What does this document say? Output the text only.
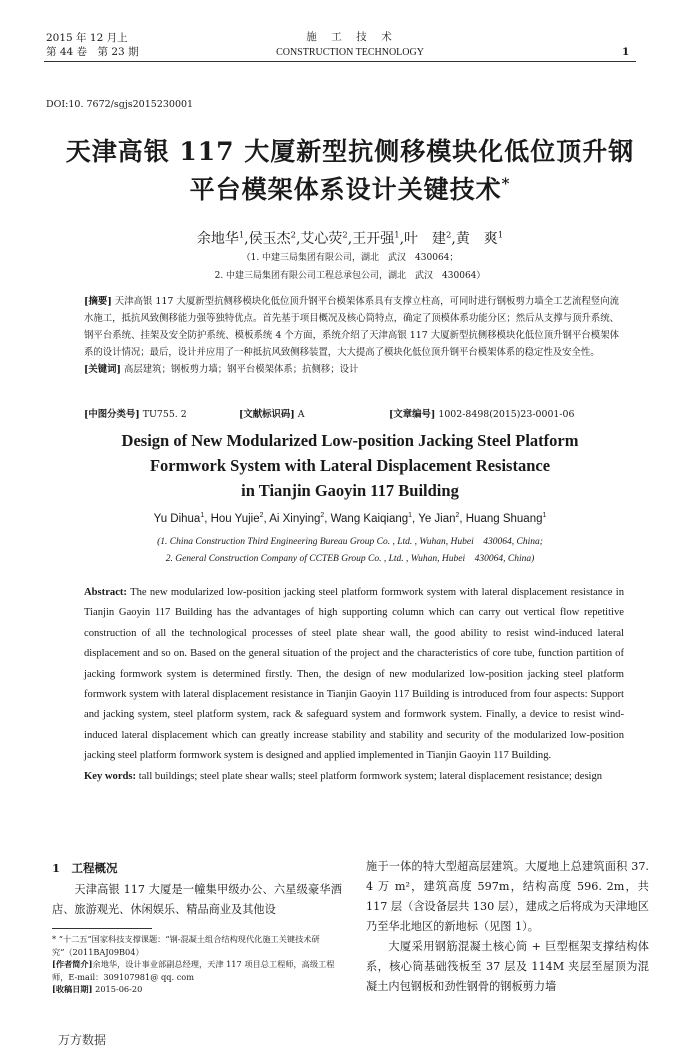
2015 年 12 月上
第 44 卷　第 23 期
施　工　技　术
CONSTRUCTION TECHNOLOGY	1
DOI:10. 7672/sgjs2015230001
天津高银 117 大厦新型抗侧移模块化低位顶升钢
平台模架体系设计关键技术*
余地华$^1$,侯玉杰$^2$,艾心荧$^2$,王开强$^1$,叶　建$^2$,黄　爽$^1$
（1. 中建三局集团有限公司，湖北　武汉　430064；
2. 中建三局集团有限公司工程总承包公司，湖北　武汉　430064）
[摘要] 天津高银 117 大厦新型抗侧移模块化低位顶升钢平台模架体系具有支撑立柱高，可同时进行钢板剪力墙全工艺流程竖向流水施工，抵抗风致侧移能力强等独特优点。首先基于项目概况及核心筒特点，确定了顶模体系功能分区；然后从支撑与顶升系统、钢平台系统、挂架及安全防护系统、模板系统 4 个方面，系统介绍了天津高银 117 大厦新型抗侧移模块化低位顶升钢平台模架体系的设计情况；最后，设计并应用了一种抵抗风致侧移装置，大大提高了模块化低位顶升钢平台模架体系的稳定性及安全性。
[关键词] 高层建筑；钢板剪力墙；钢平台模架体系；抗侧移；设计
[中图分类号] TU755. 2	[文献标识码] A	[文章编号] 1002-8498(2015)23-0001-06
Design of New Modularized Low-position Jacking Steel Platform
Formwork System with Lateral Displacement Resistance
in Tianjin Gaoyin 117 Building
Yu Dihua$^1$, Hou Yujie$^2$, Ai Xinying$^2$, Wang Kaiqiang$^1$, Ye Jian$^2$, Huang Shuang$^1$
(1. China Construction Third Engineering Bureau Group Co. , Ltd. , Wuhan, Hubei　430064, China;
2. General Construction Company of CCTEB Group Co. , Ltd. , Wuhan, Hubei　430064, China)
Abstract: The new modularized low-position jacking steel platform formwork system with lateral displacement resistance in Tianjin Gaoyin 117 Building has the advantages of high supporting column which can carry out vertical flow repetitive construction of all the technological processes of steel plate shear wall, the good ability to resist wind-induced lateral displacement and so on. Based on the general situation of the project and the characteristics of core tube, function partition of jacking formwork system is determined firstly. Then, the design of new modularized low-position jacking steel platform formwork system with lateral displacement resistance in Tianjin Gaoyin 117 Building is introduced from four aspects: Support and jacking system, steel platform system, rack & safeguard system and formwork system. Finally, a device to resist wind-induced lateral displacement which can greatly increase stability and stability and security of the modularized low-position jacking steel platform formwork system is designed and applied implemented in Tianjin Gaoyin 117 Building.
Key words: tall buildings; steel plate shear walls; steel platform formwork system; lateral displacement resistance; design
1　工程概况
天津高银 117 大厦是一幢集甲级办公、六星级豪华酒店、旅游观光、休闲娱乐、精品商业及其他设
* “十二五”国家科技支撑课题：“钢-混凝土组合结构现代化施工关键技术研究”（2011BAJ09B04）
[作者简介]余地华，设计事业部副总经理，天津 117 项目总工程师，高级工程师，E-mail：309107981@ qq. com
[收稿日期] 2015-06-20
施于一体的特大型超高层建筑。大厦地上总建筑面积 37. 4 万 m²，建筑高度 597m，结构高度 596. 2m，共 117 层（含设备层共 130 层），建成之后将成为天津地区乃至华北地区的新地标（见图 1）。
大厦采用钢筋混凝土核心筒 + 巨型框架支撑结构体系，核心筒基础筏板至 37 层及 114M 夹层至屋顶为混凝土内包钢板和劲性钢骨的钢板剪力墙
万方数据
